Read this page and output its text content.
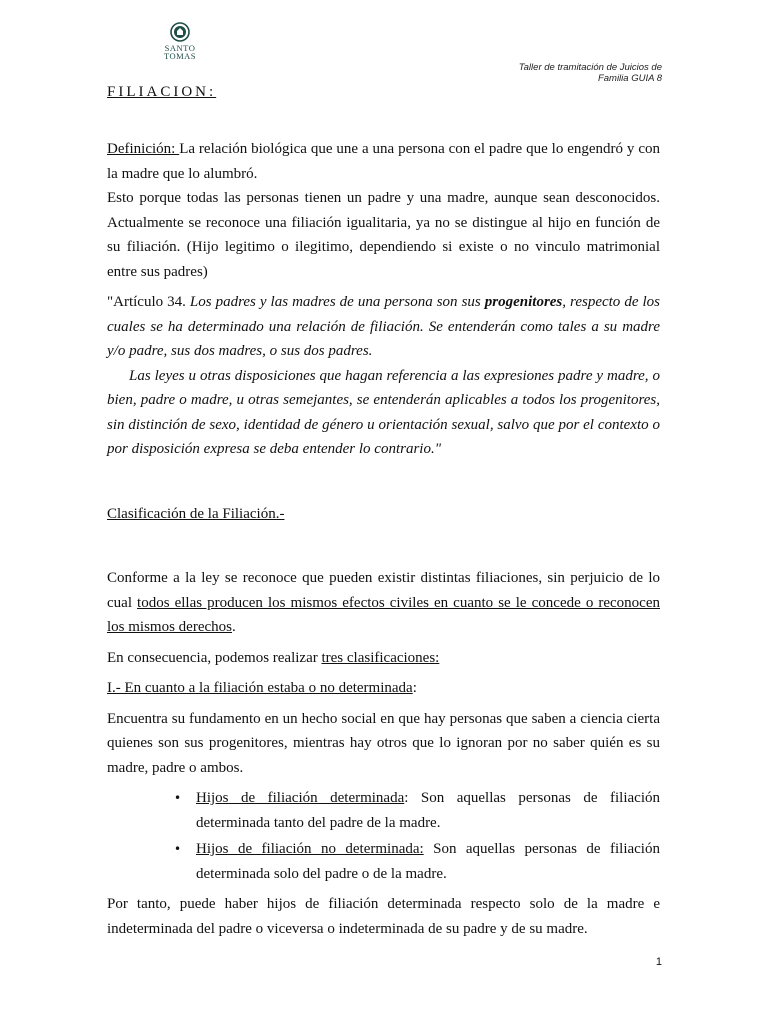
SANTO
TOMAS
Taller de tramitación de Juicios de
Familia GUIA 8
FILIACION:

Definición: La relación biológica que une a una persona con el padre que lo engendró y con la madre que lo alumbró.

Esto porque todas las personas tienen un padre y una madre, aunque sean desconocidos. Actualmente se reconoce una filiación igualitaria, ya no se distingue al hijo en función de su filiación. (Hijo legitimo o ilegitimo, dependiendo si existe o no vinculo matrimonial entre sus padres)

"Artículo 34. Los padres y las madres de una persona son sus progenitores, respecto de los cuales se ha determinado una relación de filiación. Se entenderán como tales a su madre y/o padre, sus dos madres, o sus dos padres.

Las leyes u otras disposiciones que hagan referencia a las expresiones padre y madre, o bien, padre o madre, u otras semejantes, se entenderán aplicables a todos los progenitores, sin distinción de sexo, identidad de género u orientación sexual, salvo que por el contexto o por disposición expresa se deba entender lo contrario."

Clasificación de la Filiación.-

Conforme a la ley se reconoce que pueden existir distintas filiaciones, sin perjuicio de lo cual todos ellas producen los mismos efectos civiles en cuanto se le concede o reconocen los mismos derechos.

En consecuencia, podemos realizar tres clasificaciones:

I.- En cuanto a la filiación estaba o no determinada:

Encuentra su fundamento en un hecho social en que hay personas que saben a ciencia cierta quienes son sus progenitores, mientras hay otros que lo ignoran por no saber quién es su madre, padre o ambos.

• Hijos de filiación determinada: Son aquellas personas de filiación determinada tanto del padre de la madre.
• Hijos de filiación no determinada: Son aquellas personas de filiación determinada solo del padre o de la madre.

Por tanto, puede haber hijos de filiación determinada respecto solo de la madre e indeterminada del padre o viceversa o indeterminada de su padre y de su madre.

1
